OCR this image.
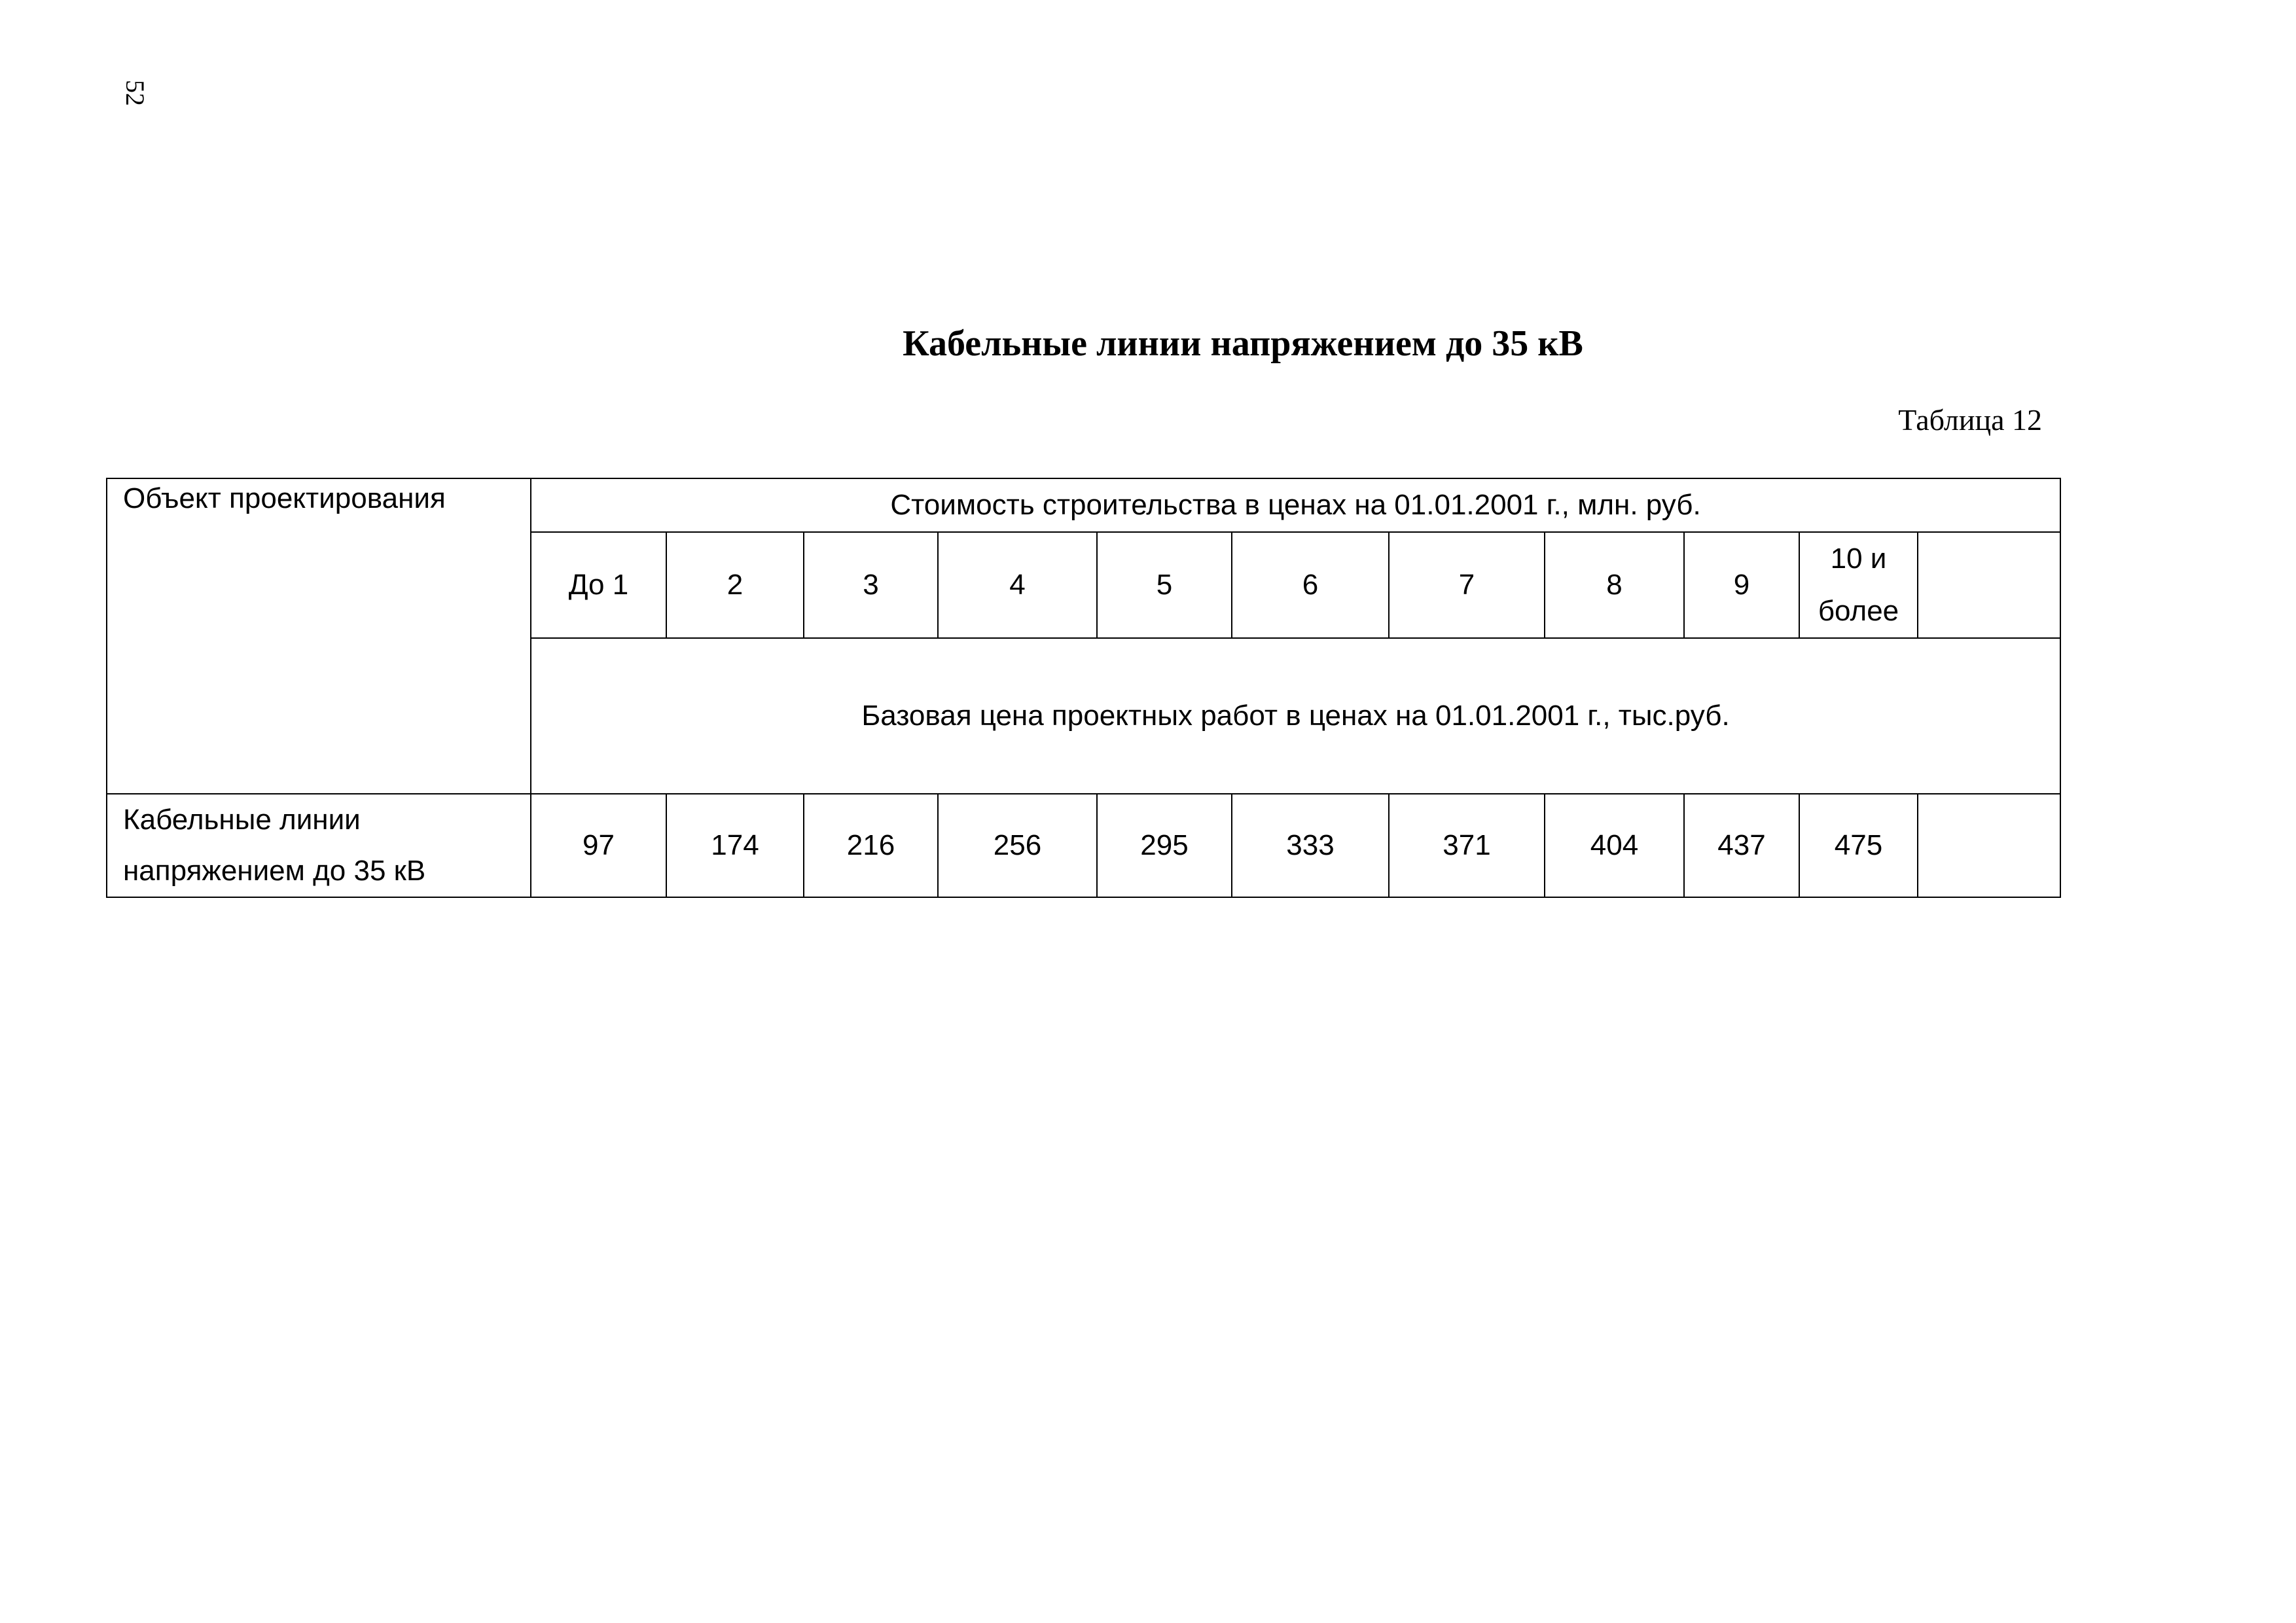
52
Кабельные линии напряжением до 35 кВ
Таблица 12
Объект проектирования	Стоимость строительства в ценах на 01.01.2001 г., млн. руб.										
	До 1	2	3	4	5	6	7	8	9	10 и более	
	Базовая цена проектных работ в ценах на 01.01.2001 г., тыс.руб.										
Кабельные линии напряжением до 35 кВ	97	174	216	256	295	333	371	404	437	475	
